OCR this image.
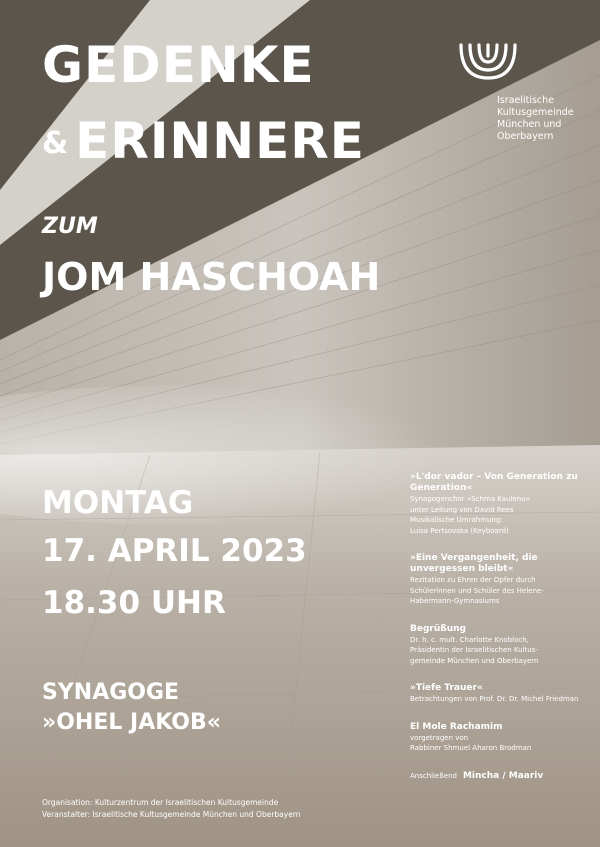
GEDENKE
& ERINNERE
ZUM
JOM HASCHOAH
Israelitische
Kultusgemeinde
München und
Oberbayern
MONTAG
17. APRIL 2023
18.30 UHR
SYNAGOGE
»OHEL JAKOB«
»L'dor vador – Von Generation zu
Generation«
Synagogenchor »Schma Kaulenu«
unter Leitung von David Rees
Musikalische Umrahmung:
Luisa Pertsovska (Keyboard)
»Eine Vergangenheit, die
unvergessen bleibt«
Rezitation zu Ehren der Opfer durch
Schülerinnen und Schüler des Helene-
Habermann-Gymnasiums
Begrüßung
Dr. h. c. mult. Charlotte Knobloch,
Präsidentin der Israelitischen Kultus-
gemeinde München und Oberbayern
»Tiefe Trauer«
Betrachtungen von Prof. Dr. Dr. Michel Friedman
El Mole Rachamim
vorgetragen von
Rabbiner Shmuel Aharon Brodman
Anschließend Mincha / Maariv
Organisation: Kulturzentrum der Israelitischen Kultusgemeinde
Veranstalter: Israelitische Kultusgemeinde München und Oberbayern
